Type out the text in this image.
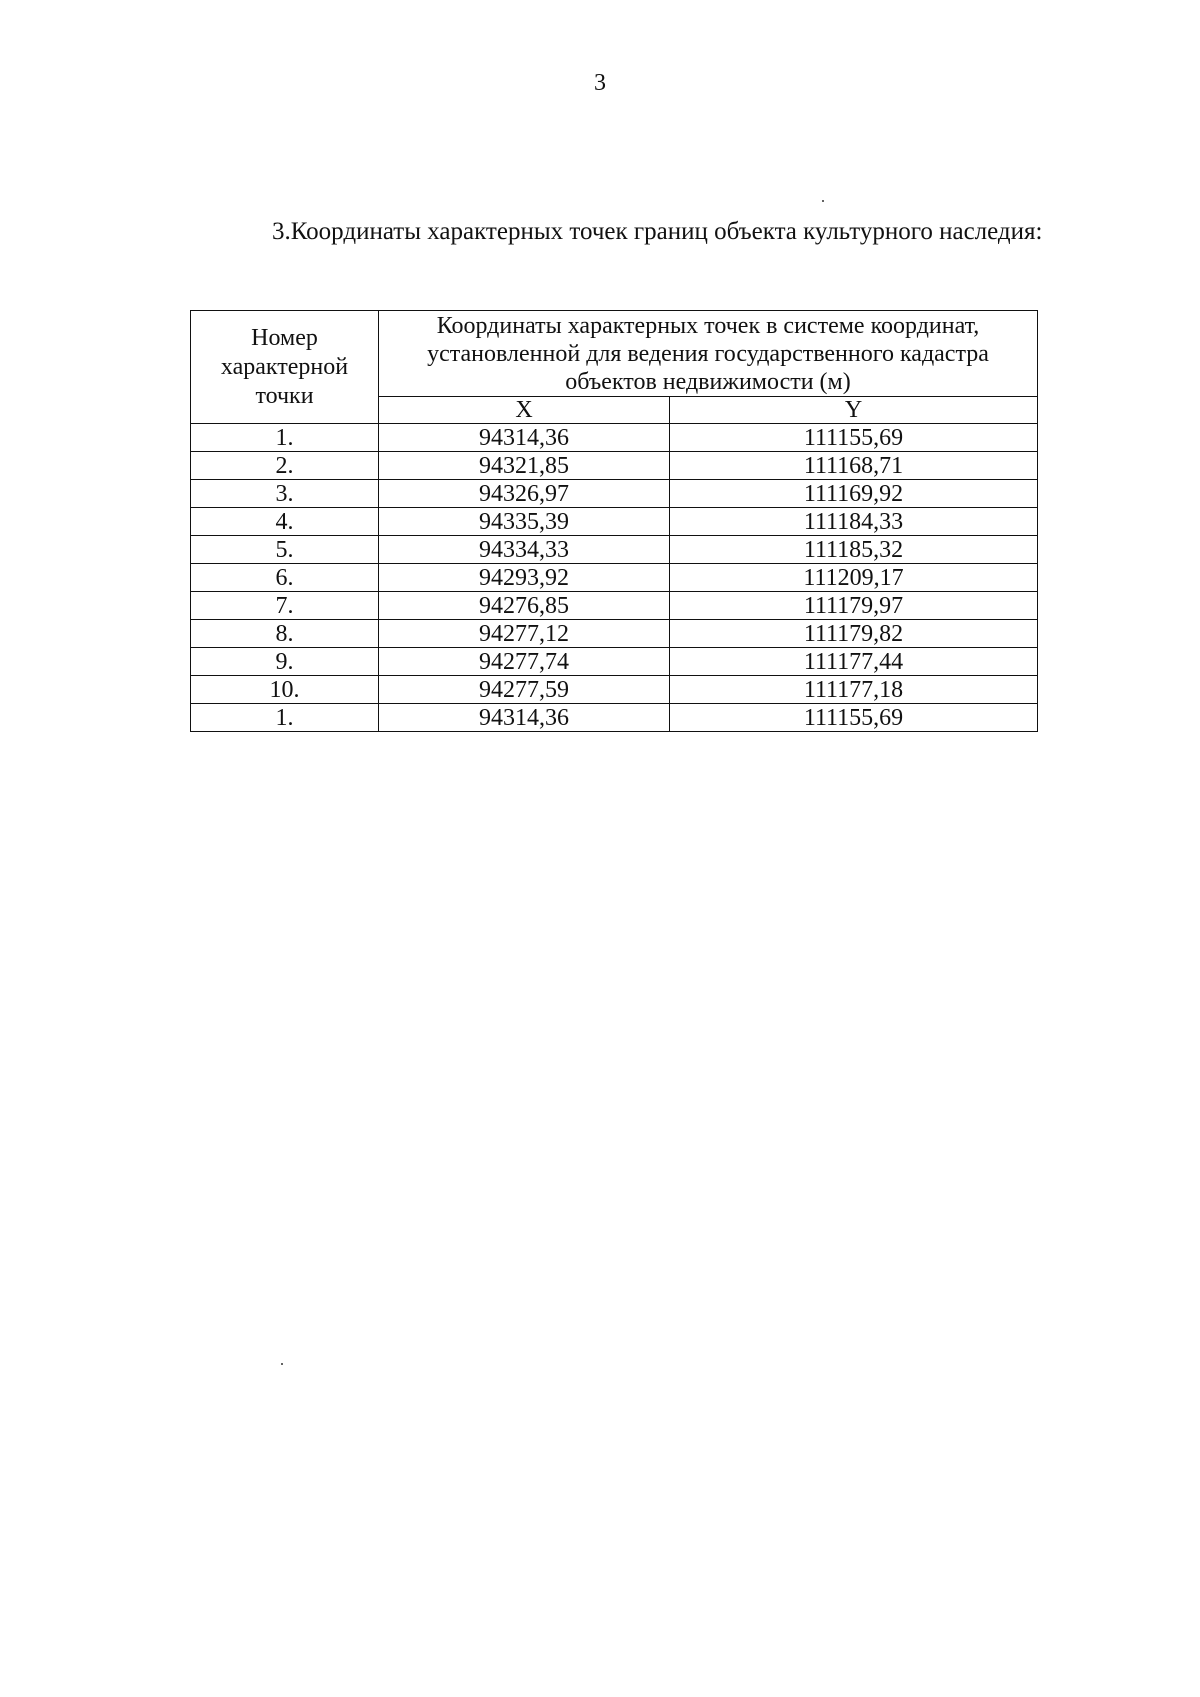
3
3.Координаты характерных точек границ объекта культурного наследия:
Номер характерной точки	Координаты характерных точек в системе координат, установленной для ведения государственного кадастра объектов недвижимости (м)	
	X	Y
1.	94314,36	111155,69
2.	94321,85	111168,71
3.	94326,97	111169,92
4.	94335,39	111184,33
5.	94334,33	111185,32
6.	94293,92	111209,17
7.	94276,85	111179,97
8.	94277,12	111179,82
9.	94277,74	111177,44
10.	94277,59	111177,18
1.	94314,36	111155,69
